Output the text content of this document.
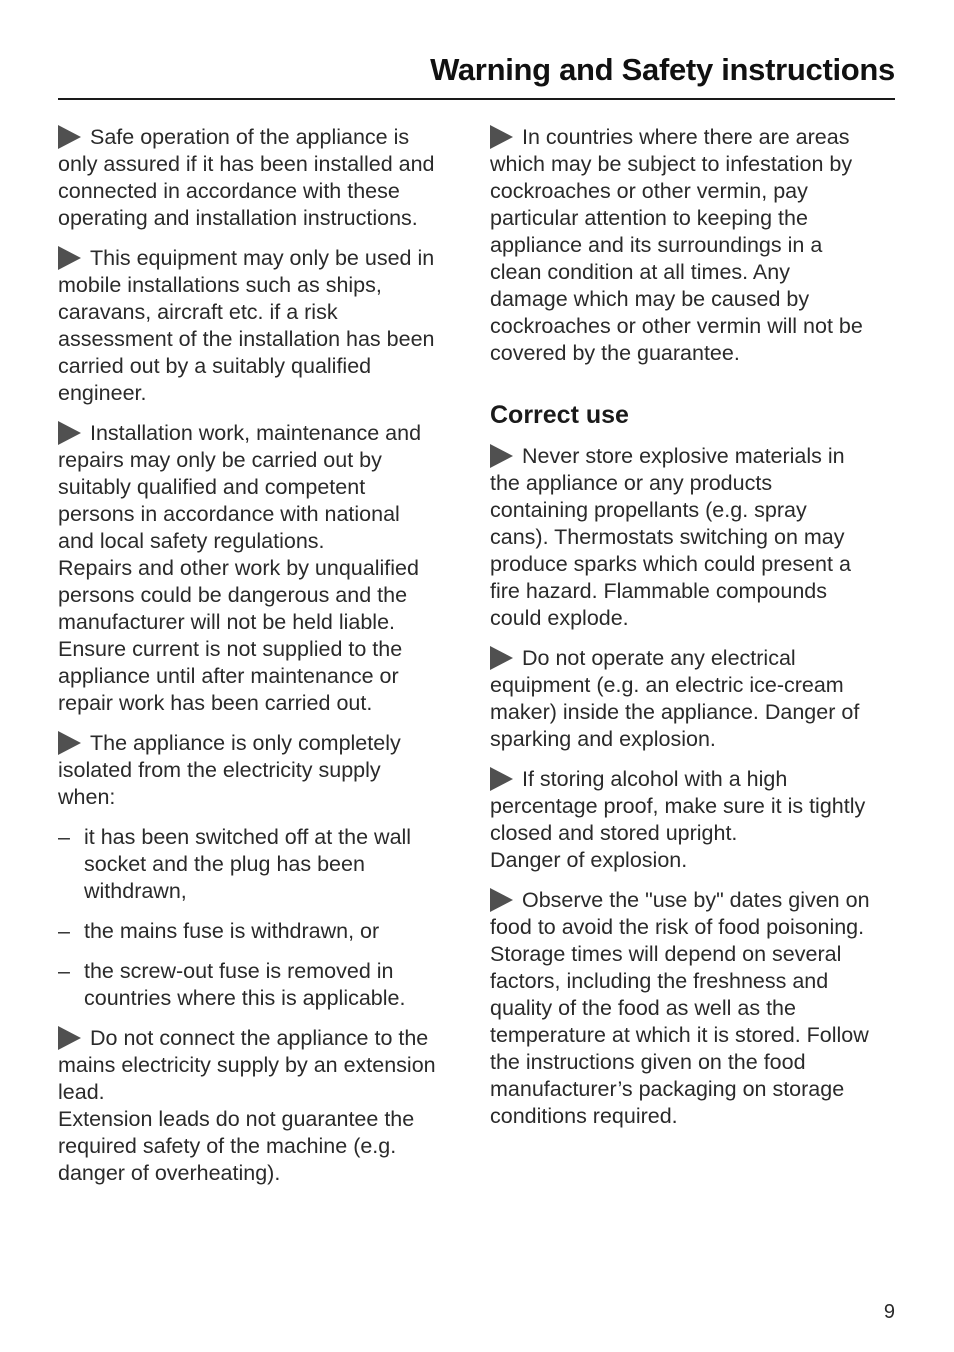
Warning and Safety instructions
Safe operation of the appliance is
only assured if it has been installed and
connected in accordance with these
operating and installation instructions.
This equipment may only be used in
mobile installations such as ships,
caravans, aircraft etc. if a risk
assessment of the installation has been
carried out by a suitably qualified
engineer.
Installation work, maintenance and
repairs may only be carried out by
suitably qualified and competent
persons in accordance with national
and local safety regulations.
Repairs and other work by unqualified
persons could be dangerous and the
manufacturer will not be held liable.
Ensure current is not supplied to the
appliance until after maintenance or
repair work has been carried out.
The appliance is only completely
isolated from the electricity supply
when:
– it has been switched off at the wall
socket and the plug has been
withdrawn,
– the mains fuse is withdrawn, or
– the screw-out fuse is removed in
countries where this is applicable.
Do not connect the appliance to the
mains electricity supply by an extension
lead.
Extension leads do not guarantee the
required safety of the machine (e.g.
danger of overheating).
In countries where there are areas
which may be subject to infestation by
cockroaches or other vermin, pay
particular attention to keeping the
appliance and its surroundings in a
clean condition at all times. Any
damage which may be caused by
cockroaches or other vermin will not be
covered by the guarantee.
Correct use
Never store explosive materials in
the appliance or any products
containing propellants (e.g. spray
cans). Thermostats switching on may
produce sparks which could present a
fire hazard. Flammable compounds
could explode.
Do not operate any electrical
equipment (e.g. an electric ice-cream
maker) inside the appliance. Danger of
sparking and explosion.
If storing alcohol with a high
percentage proof, make sure it is tightly
closed and stored upright.
Danger of explosion.
Observe the "use by" dates given on
food to avoid the risk of food poisoning.
Storage times will depend on several
factors, including the freshness and
quality of the food as well as the
temperature at which it is stored. Follow
the instructions given on the food
manufacturer’s packaging on storage
conditions required.
9
